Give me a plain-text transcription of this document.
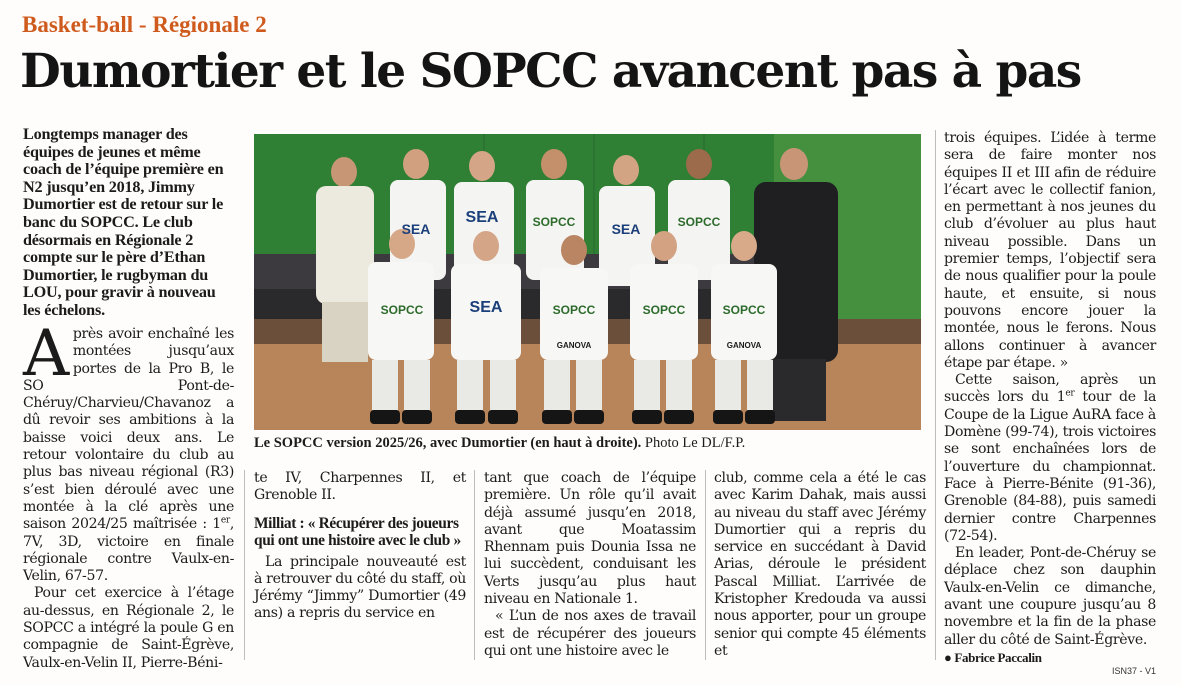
Basket-ball - Régionale 2
Dumortier et le SOPCC avancent pas à pas
Longtemps manager des équipes de jeunes et même coach de l’équipe première en N2 jusqu’en 2018, Jimmy Dumortier est de retour sur le banc du SOPCC. Le club désormais en Régionale 2 compte sur le père d’Ethan Dumortier, le rugbyman du LOU, pour gravir à nouveau les échelons.

Après avoir enchaîné les montées jusqu’aux portes de la Pro B, le SO Pont-de-Chéruy/Charvieu/Chavanoz a dû revoir ses ambitions à la baisse voici deux ans. Le retour volontaire du club au plus bas niveau régional (R3) s’est bien déroulé avec une montée à la clé après une saison 2024/25 maîtrisée : 1er, 7V, 3D, victoire en finale régionale contre Vaulx-en-Velin, 67-57.

Pour cet exercice à l’étage au-dessus, en Régionale 2, le SOPCC a intégré la poule G en compagnie de Saint-Égrève, Vaulx-en-Velin II, Pierre-Béni-

SOPCC	SEA	SOPCC	SOPCC	SOPCC
SOPCC	SOPCC
SEA
SEA	SEA
GANOVA	GANOVA
Le SOPCC version 2025/26, avec Dumortier (en haut à droite). Photo Le DL/F.P.

te IV, Charpennes II, et Grenoble II.

Milliat : « Récupérer des joueurs qui ont une histoire avec le club »

La principale nouveauté est à retrouver du côté du staff, où Jérémy “Jimmy” Dumortier (49 ans) a repris du service en

tant que coach de l’équipe première. Un rôle qu’il avait déjà assumé jusqu’en 2018, avant que Moatassim Rhennam puis Dounia Issa ne lui succèdent, conduisant les Verts jusqu’au plus haut niveau en Nationale 1.

« L’un de nos axes de travail est de récupérer des joueurs qui ont une histoire avec le

club, comme cela a été le cas avec Karim Dahak, mais aussi au niveau du staff avec Jérémy Dumortier qui a repris du service en succédant à David Arias, déroule le président Pascal Milliat. L’arrivée de Kristopher Kredouda va aussi nous apporter, pour un groupe senior qui compte 45 éléments et

trois équipes. L’idée à terme sera de faire monter nos équipes II et III afin de réduire l’écart avec le collectif fanion, en permettant à nos jeunes du club d’évoluer au plus haut niveau possible. Dans un premier temps, l’objectif sera de nous qualifier pour la poule haute, et ensuite, si nous pouvons encore jouer la montée, nous le ferons. Nous allons continuer à avancer étape par étape. »

Cette saison, après un succès lors du 1er tour de la Coupe de la Ligue AuRA face à Domène (99-74), trois victoires se sont enchaînées lors de l’ouverture du championnat. Face à Pierre-Bénite (91-36), Grenoble (84-88), puis samedi dernier contre Charpennes (72-54).

En leader, Pont-de-Chéruy se déplace chez son dauphin Vaulx-en-Velin ce dimanche, avant une coupure jusqu’au 8 novembre et la fin de la phase aller du côté de Saint-Égrève.

● Fabrice Paccalin

ISN37 - V1
